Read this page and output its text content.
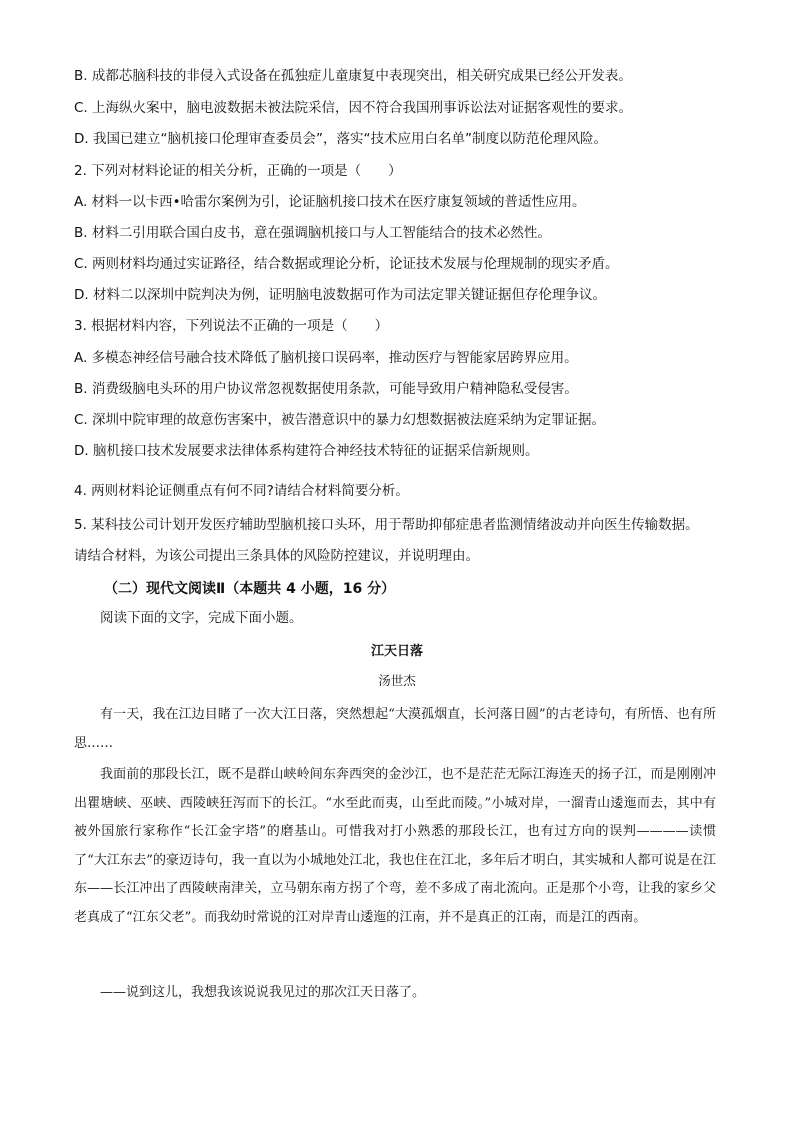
B. 成都芯脑科技的非侵入式设备在孤独症儿童康复中表现突出，相关研究成果已经公开发表。
C. 上海纵火案中，脑电波数据未被法院采信，因不符合我国刑事诉讼法对证据客观性的要求。
D. 我国已建立“脑机接口伦理审查委员会”，落实“技术应用白名单”制度以防范伦理风险。
2. 下列对材料论证的相关分析，正确的一项是（　　）
A. 材料一以卡西•哈雷尔案例为引，论证脑机接口技术在医疗康复领域的普适性应用。
B. 材料二引用联合国白皮书，意在强调脑机接口与人工智能结合的技术必然性。
C. 两则材料均通过实证路径，结合数据或理论分析，论证技术发展与伦理规制的现实矛盾。
D. 材料二以深圳中院判决为例，证明脑电波数据可作为司法定罪关键证据但存伦理争议。
3. 根据材料内容，下列说法不正确的一项是（　　）
A. 多模态神经信号融合技术降低了脑机接口误码率，推动医疗与智能家居跨界应用。
B. 消费级脑电头环的用户协议常忽视数据使用条款，可能导致用户精神隐私受侵害。
C. 深圳中院审理的故意伤害案中，被告潜意识中的暴力幻想数据被法庭采纳为定罪证据。
D. 脑机接口技术发展要求法律体系构建符合神经技术特征的证据采信新规则。
4. 两则材料论证侧重点有何不同?请结合材料简要分析。
5. 某科技公司计划开发医疗辅助型脑机接口头环，用于帮助抑郁症患者监测情绪波动并向医生传输数据。
请结合材料，为该公司提出三条具体的风险防控建议，并说明理由。
（二）现代文阅读Ⅱ（本题共 4 小题，16 分）
阅读下面的文字，完成下面小题。
江天日落
汤世杰
有一天，我在江边目睹了一次大江日落，突然想起“大漠孤烟直，长河落日圆”的古老诗句，有所悟、也有所思……
我面前的那段长江，既不是群山峡岭间东奔西突的金沙江，也不是茫茫无际江海连天的扬子江，而是刚刚冲出瞿塘峡、巫峡、西陵峡狂泻而下的长江。“水至此而夷，山至此而陵。”小城对岸，一溜青山逶迤而去，其中有被外国旅行家称作“长江金字塔”的磨基山。可惜我对打小熟悉的那段长江，也有过方向的误判————读惯了“大江东去”的豪迈诗句，我一直以为小城地处江北，我也住在江北，多年后才明白，其实城和人都可说是在江东——长江冲出了西陵峡南津关，立马朝东南方拐了个弯，差不多成了南北流向。正是那个小弯，让我的家乡父老真成了“江东父老”。而我幼时常说的江对岸青山逶迤的江南，并不是真正的江南，而是江的西南。
——说到这儿，我想我该说说我见过的那次江天日落了。
